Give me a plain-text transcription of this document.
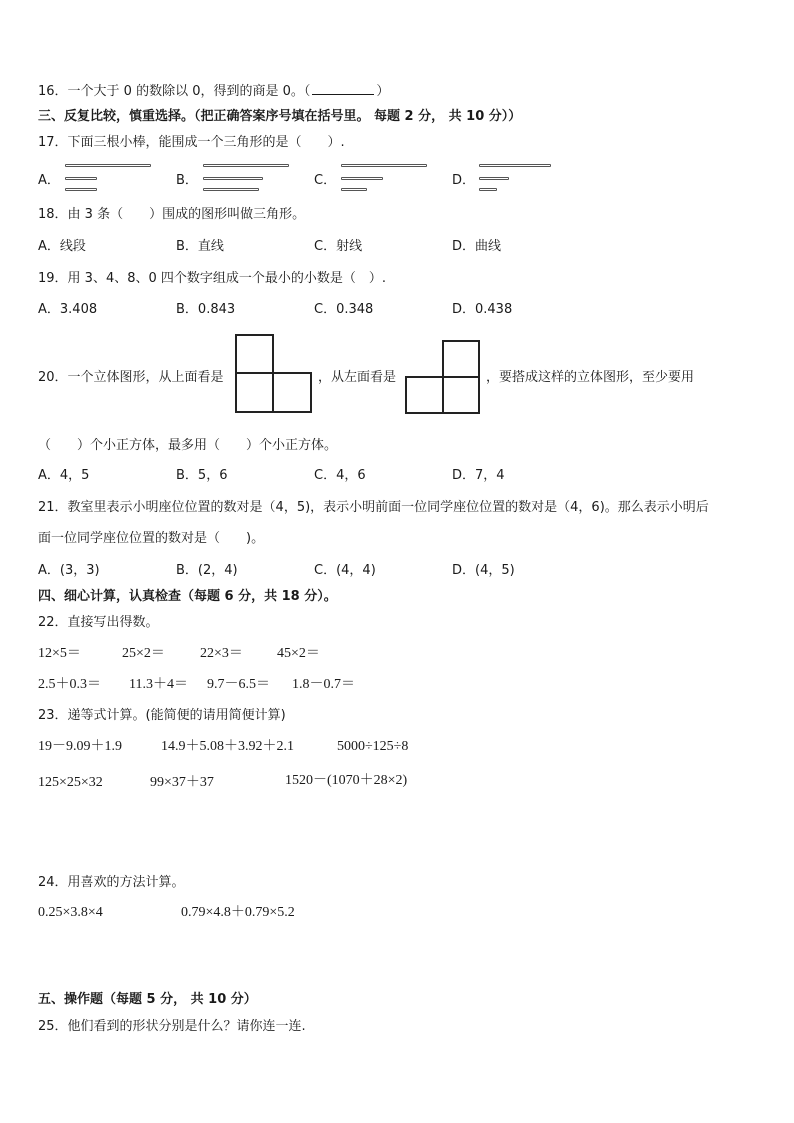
16．一个大于 0 的数除以 0，得到的商是 0。（	）
三、反复比较，慎重选择。（把正确答案序号填在括号里。 每题 2 分， 共 10 分））
17．下面三根小棒，能围成一个三角形的是（　　）.
A．	B．	C．	D．
18．由 3 条（　　）围成的图形叫做三角形。
A．线段	B．直线	C．射线	D．曲线
19．用 3、4、8、0 四个数字组成一个最小的小数是（　）.
A．3.408	B．0.843	C．0.348	D．0.438
20．一个立体图形，从上面看是	，从左面看是	，要搭成这样的立体图形，至少要用
（　　）个小正方体，最多用（　　）个小正方体。
A．4，5	B．5，6	C．4，6	D．7，4
21．教室里表示小明座位位置的数对是（4，5)，表示小明前面一位同学座位位置的数对是（4，6)。那么表示小明后
面一位同学座位位置的数对是（　　)。
A．(3，3)	B．(2，4)	C．(4，4)	D．(4，5)
四、细心计算，认真检查（每题 6 分，共 18 分）。
22．直接写出得数。
12×5＝	25×2＝	22×3＝ 45×2＝
2.5＋0.3＝ 11.3＋4＝ 9.7－6.5＝ 1.8－0.7＝
23．递等式计算。(能简便的请用简便计算)
19－9.09＋1.9	14.9＋5.08＋3.92＋2.1	5000÷125÷8
125×25×32	99×37＋37	1520－(1070＋28×2)
24．用喜欢的方法计算。
0.25×3.8×4	0.79×4.8＋0.79×5.2
五、操作题（每题 5 分， 共 10 分）
25．他们看到的形状分别是什么？请你连一连.
